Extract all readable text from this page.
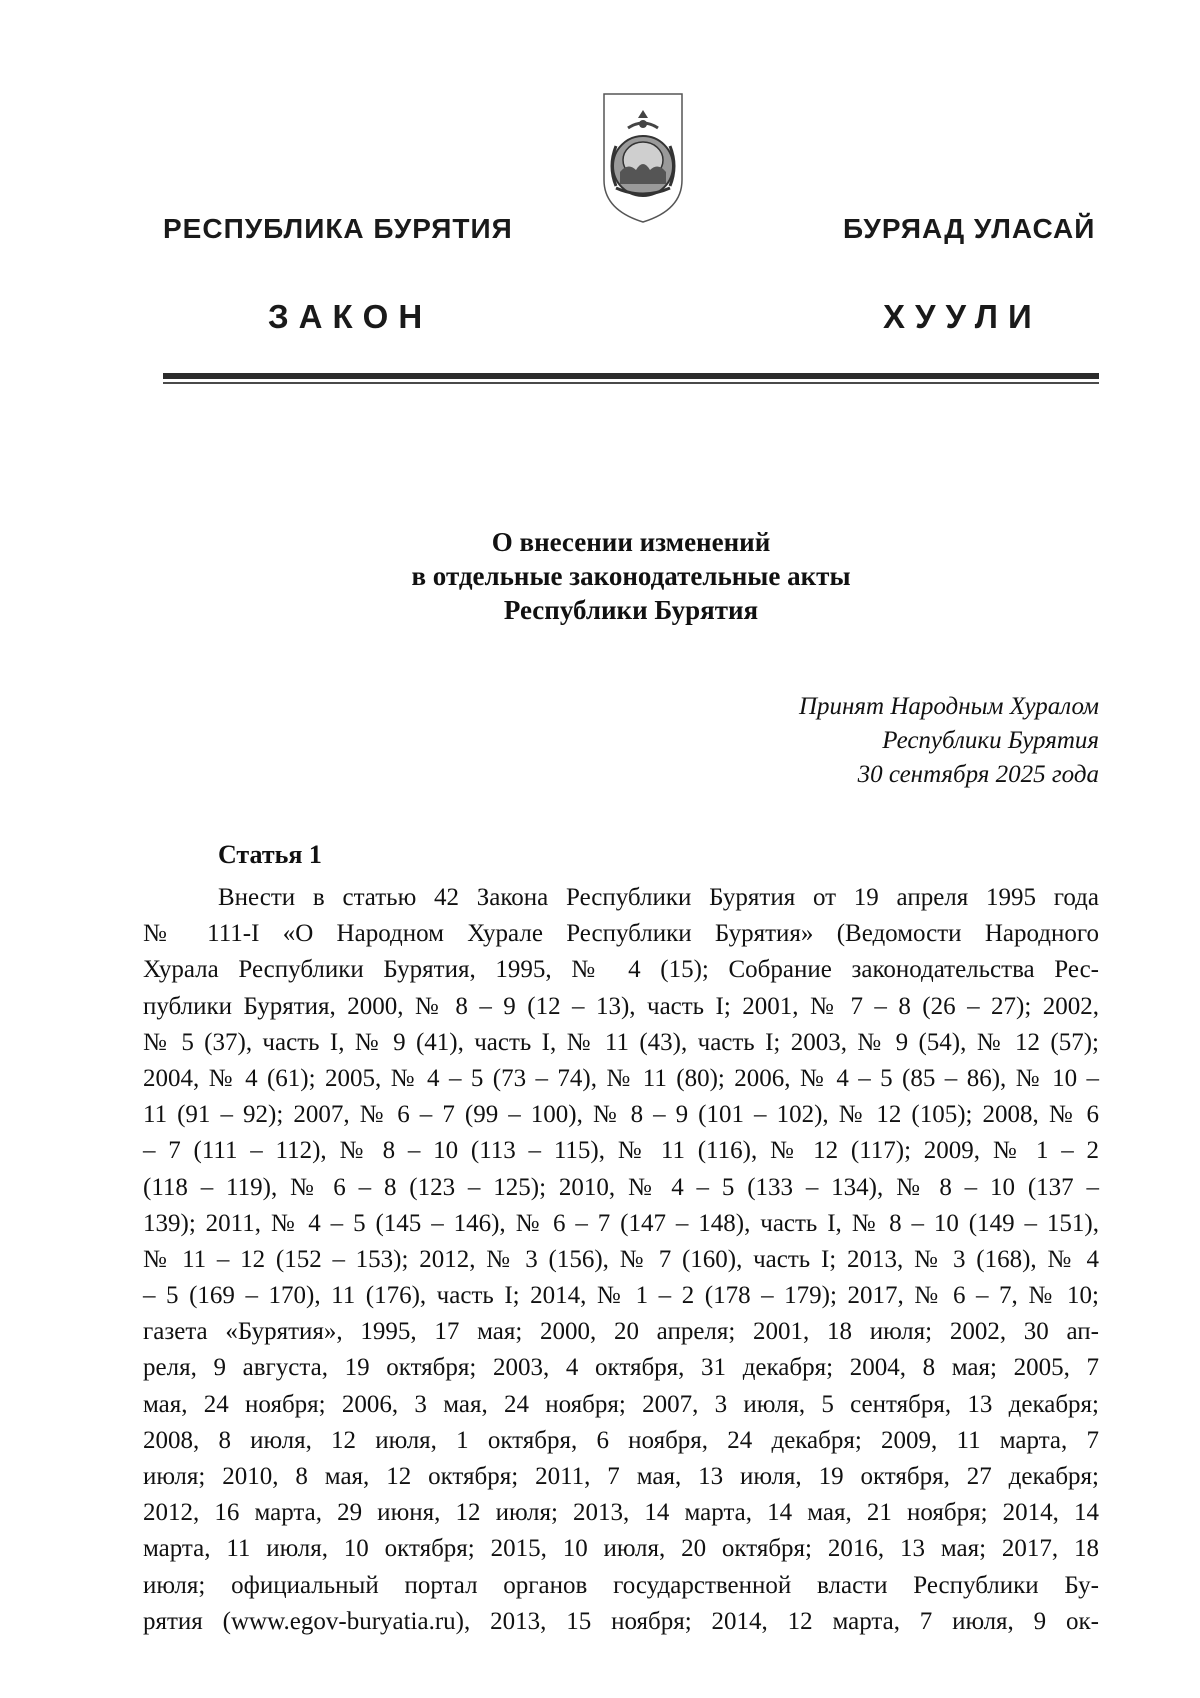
РЕСПУБЛИКА БУРЯТИЯ	БУРЯАД УЛАСАЙ
ЗАКОН	ХУУЛИ
О внесении изменений
в отдельные законодательные акты
Республики Бурятия
Принят Народным Хуралом
Республики Бурятия
30 сентября 2025 года
Статья 1
Внести в статью 42 Закона Республики Бурятия от 19 апреля 1995 года
№ 111-I «О Народном Хурале Республики Бурятия» (Ведомости Народного
Хурала Республики Бурятия, 1995, № 4 (15); Собрание законодательства Рес-
публики Бурятия, 2000, № 8 – 9 (12 – 13), часть I; 2001, № 7 – 8 (26 – 27); 2002,
№ 5 (37), часть I, № 9 (41), часть I, № 11 (43), часть I; 2003, № 9 (54), № 12 (57);
2004, № 4 (61); 2005, № 4 – 5 (73 – 74), № 11 (80); 2006, № 4 – 5 (85 – 86), № 10 –
11 (91 – 92); 2007, № 6 – 7 (99 – 100), № 8 – 9 (101 – 102), № 12 (105); 2008, № 6
– 7 (111 – 112), № 8 – 10 (113 – 115), № 11 (116), № 12 (117); 2009, № 1 – 2
(118 – 119), № 6 – 8 (123 – 125); 2010, № 4 – 5 (133 – 134), № 8 – 10 (137 –
139); 2011, № 4 – 5 (145 – 146), № 6 – 7 (147 – 148), часть I, № 8 – 10 (149 – 151),
№ 11 – 12 (152 – 153); 2012, № 3 (156), № 7 (160), часть I; 2013, № 3 (168), № 4
– 5 (169 – 170), 11 (176), часть I; 2014, № 1 – 2 (178 – 179); 2017, № 6 – 7, № 10;
газета «Бурятия», 1995, 17 мая; 2000, 20 апреля; 2001, 18 июля; 2002, 30 ап-
реля, 9 августа, 19 октября; 2003, 4 октября, 31 декабря; 2004, 8 мая; 2005, 7
мая, 24 ноября; 2006, 3 мая, 24 ноября; 2007, 3 июля, 5 сентября, 13 декабря;
2008, 8 июля, 12 июля, 1 октября, 6 ноября, 24 декабря; 2009, 11 марта, 7
июля; 2010, 8 мая, 12 октября; 2011, 7 мая, 13 июля, 19 октября, 27 декабря;
2012, 16 марта, 29 июня, 12 июля; 2013, 14 марта, 14 мая, 21 ноября; 2014, 14
марта, 11 июля, 10 октября; 2015, 10 июля, 20 октября; 2016, 13 мая; 2017, 18
июля; официальный портал органов государственной власти Республики Бу-
рятия (www.egov-buryatia.ru), 2013, 15 ноября; 2014, 12 марта, 7 июля, 9 ок-
